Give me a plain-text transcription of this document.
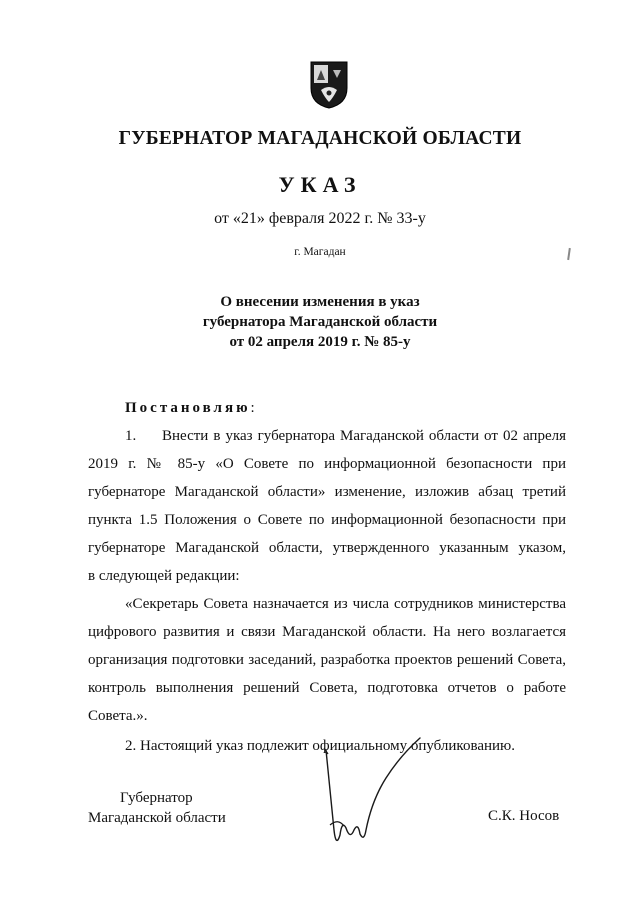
ГУБЕРНАТОР МАГАДАНСКОЙ ОБЛАСТИ
УКАЗ
от «21» февраля 2022 г. № 33-у
г. Магадан
О внесении изменения в указ
губернатора Магаданской области
от 02 апреля 2019 г. № 85-у
Постановляю:
1. Внести в указ губернатора Магаданской области от 02 апреля
2019 г. № 85-у «О Совете по информационной безопасности при
губернаторе Магаданской области» изменение, изложив абзац третий
пункта 1.5 Положения о Совете по информационной безопасности при
губернаторе Магаданской области, утвержденного указанным указом,
в следующей редакции:
«Секретарь Совета назначается из числа сотрудников министерства
цифрового развития и связи Магаданской области. На него возлагается
организация подготовки заседаний, разработка проектов решений Совета,
контроль выполнения решений Совета, подготовка отчетов о работе
Совета.».
2. Настоящий указ подлежит официальному опубликованию.
Губернатор
Магаданской области	С.К. Носов
